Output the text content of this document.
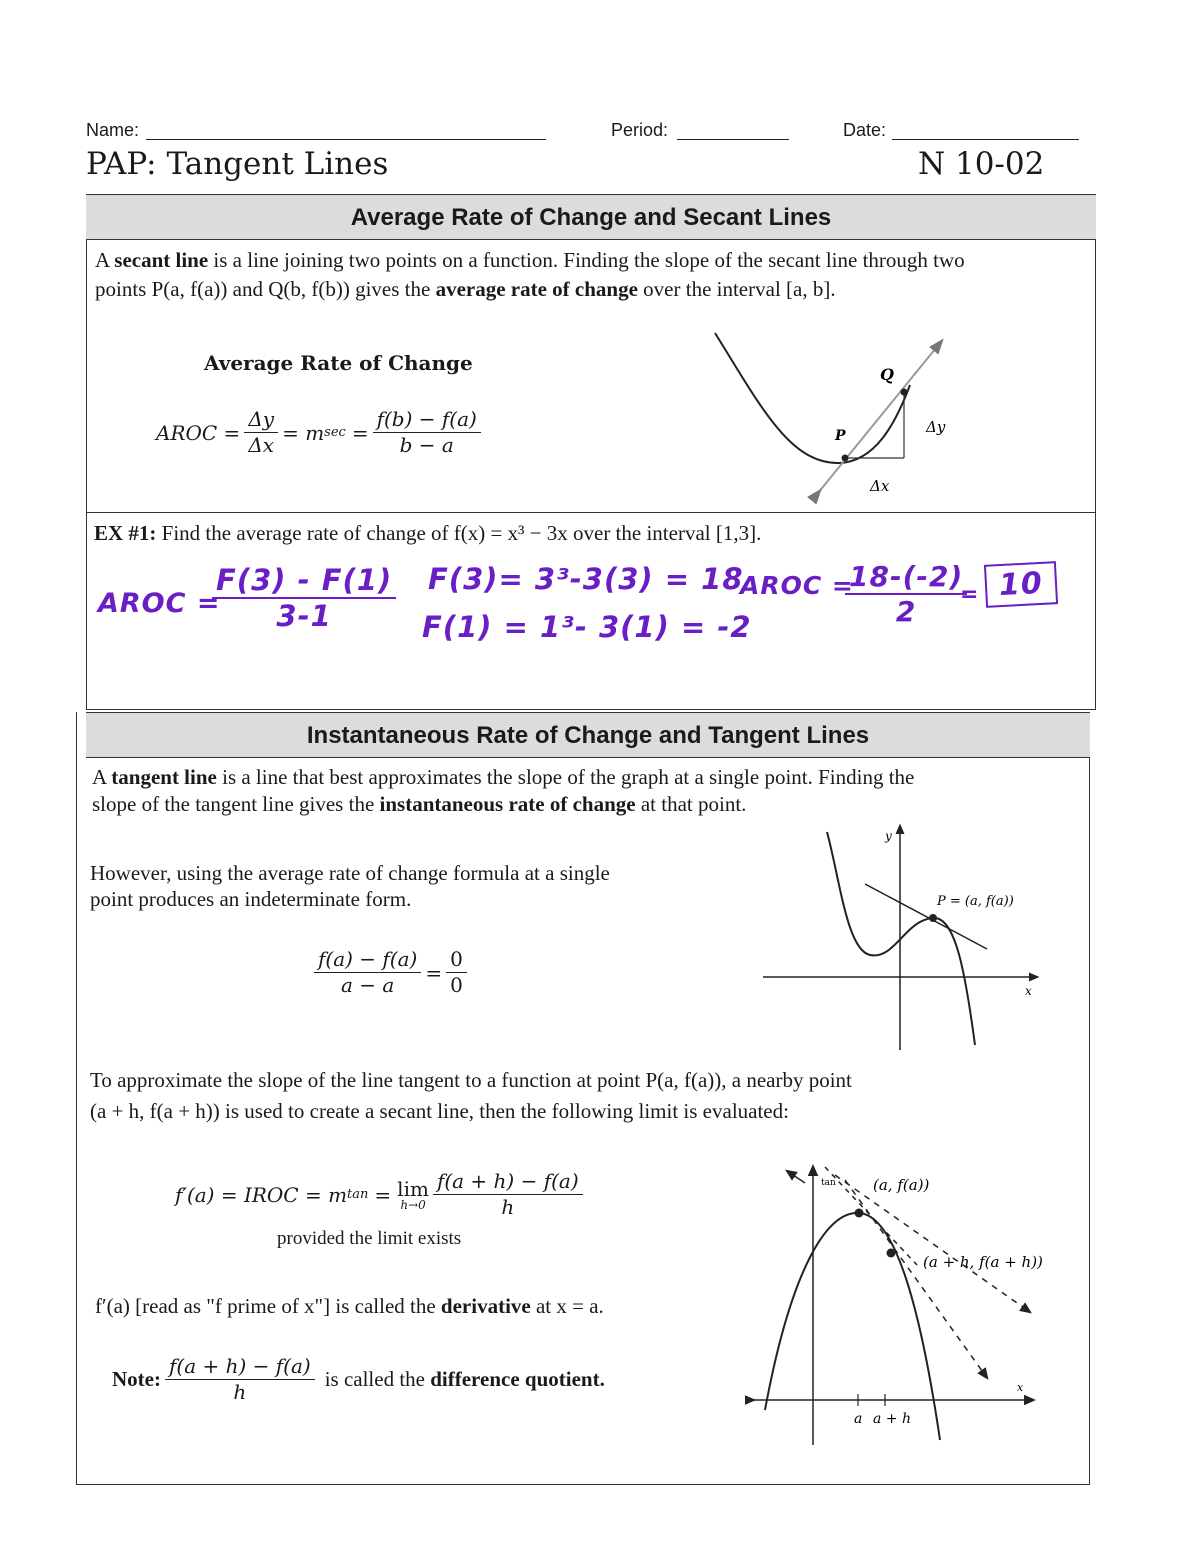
Name:	Period:	Date:
PAP: Tangent Lines	N 10-02
Average Rate of Change and Secant Lines
A secant line is a line joining two points on a function. Finding the slope of the secant line through two
points P(a, f(a)) and Q(b, f(b)) gives the average rate of change over the interval [a, b].
Average Rate of Change
AROC = $\frac{\Delta y}{\Delta x} = m$ $\sec = \frac{f(b) - f(a)}{b - a}$
Q
P	Δy
Δx
EX #1: Find the average rate of change of f(x) = x³ − 3x over the interval [1,3].
AROC =
$\frac{F(3) - F(1)}{3-1} F(3)= 3^3-3(3) = 18$
F(1) = 1³- 3(1) = -2
AROC =
18-(-2)
2
= 10
Instantaneous Rate of Change and Tangent Lines
A tangent line is a line that best approximates the slope of the graph at a single point. Finding the
slope of the tangent line gives the instantaneous rate of change at that point.
However, using the average rate of change formula at a single
point produces an indeterminate form.
$\frac{f(a) - f(a)}{a - a} = \frac{0}{0}$
y
x
P = (a, f(a))
To approximate the slope of the line tangent to a function at point P(a, f(a)), a nearby point
(a + h, f(a + h)) is used to create a secant line, then the following limit is evaluated:
f′(a) = IROC = m tan = lim
$h\to 0 \frac{f(a + h) - f(a)}{h}$
provided the limit exists
f′(a) [read as "f prime of x"] is called the derivative at x = a.
Note: $\frac{f(a + h) - f(a)}{h}$ is called the difference quotient.
tan (a, f(a))
(a + h, f(a + h))
a a + h
x
